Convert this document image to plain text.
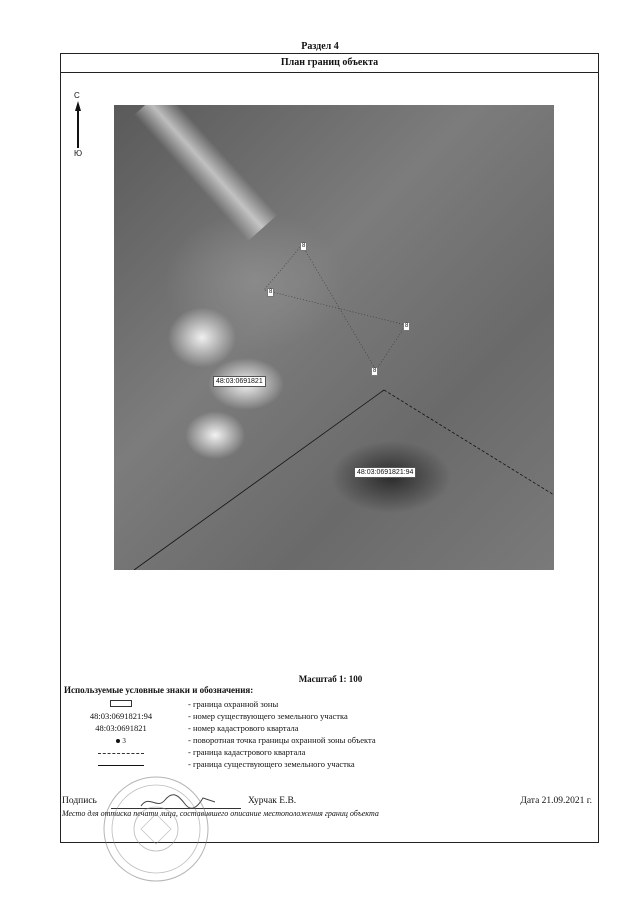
Раздел 4
План границ объекта
С
Ю
8
8
8
8
48:03:0691821
48:03:0691821:94
Масштаб 1: 100
Используемые условные знаки и обозначения:
- граница охранной зоны
48:03:0691821:94	- номер существующего земельного участка
48:03:0691821	- номер кадастрового квартала
3	- поворотная точка границы охранной зоны объекта
- граница кадастрового квартала
- граница существующего земельного участка
Подпись	Хурчак Е.В.	Дата 21.09.2021 г.
Место для оттиска печати лица, составившего описание местоположения границ объекта
